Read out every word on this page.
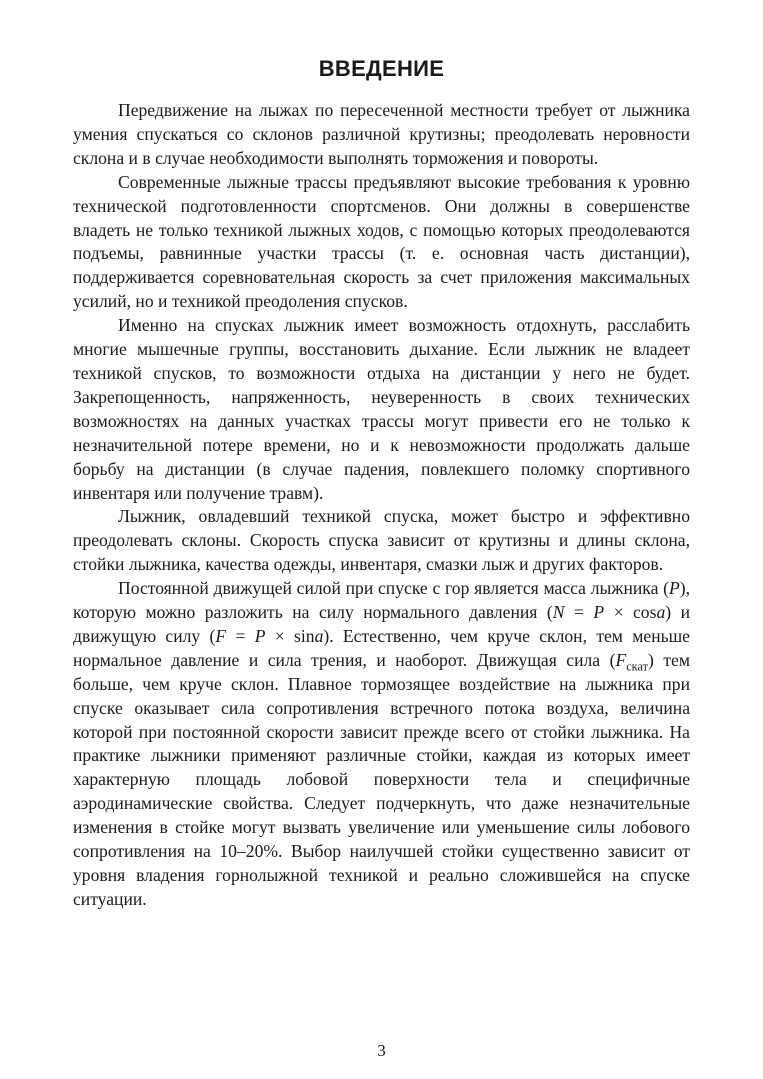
ВВЕДЕНИЕ

Передвижение на лыжах по пересеченной местности требует от лыжника умения спускаться со склонов различной крутизны; преодолевать неровности склона и в случае необходимости выполнять торможения и повороты.

Современные лыжные трассы предъявляют высокие требования к уровню технической подготовленности спортсменов. Они должны в совершенстве владеть не только техникой лыжных ходов, с помощью которых преодолеваются подъемы, равнинные участки трассы (т. е. основная часть дистанции), поддерживается соревновательная скорость за счет приложения максимальных усилий, но и техникой преодоления спусков.

Именно на спусках лыжник имеет возможность отдохнуть, расслабить многие мышечные группы, восстановить дыхание. Если лыжник не владеет техникой спусков, то возможности отдыха на дистанции у него не будет. Закрепощенность, напряженность, неуверенность в своих технических возможностях на данных участках трассы могут привести его не только к незначительной потере времени, но и к невозможности продолжать дальше борьбу на дистанции (в случае падения, повлекшего поломку спортивного инвентаря или получение травм).

Лыжник, овладевший техникой спуска, может быстро и эффективно преодолевать склоны. Скорость спуска зависит от крутизны и длины склона, стойки лыжника, качества одежды, инвентаря, смазки лыж и других факторов.

Постоянной движущей силой при спуске с гор является масса лыжника (P), которую можно разложить на силу нормального давления (N = P × cosa) и движущую силу (F = P × sina). Естественно, чем круче склон, тем меньше нормальное давление и сила трения, и наоборот. Движущая сила $(F_{скат})$ тем больше, чем круче склон. Плавное тормозящее воздействие на лыжника при спуске оказывает сила сопротивления встречного потока воздуха, величина которой при постоянной скорости зависит прежде всего от стойки лыжника. На практике лыжники применяют различные стойки, каждая из которых имеет характерную площадь лобовой поверхности тела и специфичные аэродинамические свойства. Следует подчеркнуть, что даже незначительные изменения в стойке могут вызвать увеличение или уменьшение силы лобового сопротивления на 10–20%. Выбор наилучшей стойки существенно зависит от уровня владения горнолыжной техникой и реально сложившейся на спуске ситуации.

3
